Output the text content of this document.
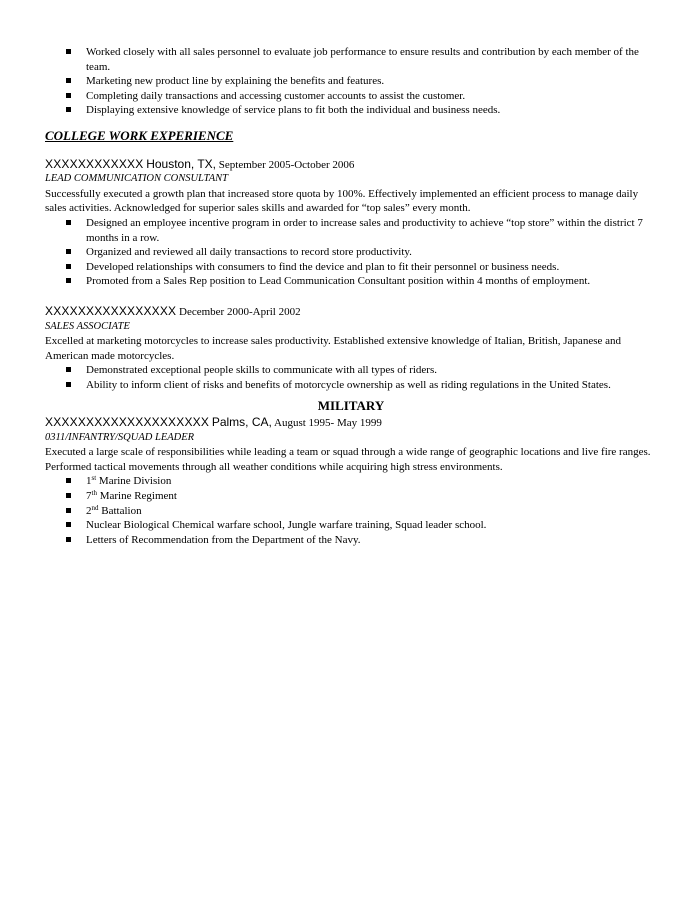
Worked closely with all sales personnel to evaluate job performance to ensure results and contribution by each member of the team.
Marketing new product line by explaining the benefits and features.
Completing daily transactions and accessing customer accounts to assist the customer.
Displaying extensive knowledge of service plans to fit both the individual and business needs.
COLLEGE WORK EXPERIENCE
XXXXXXXXXXXX Houston, TX, September 2005-October 2006
LEAD COMMUNICATION CONSULTANT
Successfully executed a growth plan that increased store quota by 100%. Effectively implemented an efficient process to manage daily sales activities. Acknowledged for superior sales skills and awarded for “top sales” every month.
Designed an employee incentive program in order to increase sales and productivity to achieve “top store” within the district 7 months in a row.
Organized and reviewed all daily transactions to record store productivity.
Developed relationships with consumers to find the device and plan to fit their personnel or business needs.
Promoted from a Sales Rep position to Lead Communication Consultant position within 4 months of employment.
XXXXXXXXXXXXXXXX December 2000-April 2002
SALES ASSOCIATE
Excelled at marketing motorcycles to increase sales productivity. Established extensive knowledge of Italian, British, Japanese and American made motorcycles.
Demonstrated exceptional people skills to communicate with all types of riders.
Ability to inform client of risks and benefits of motorcycle ownership as well as riding regulations in the United States.
MILITARY
XXXXXXXXXXXXXXXXXXXX Palms, CA, August 1995- May 1999
0311/INFANTRY/SQUAD LEADER
Executed a large scale of responsibilities while leading a team or squad through a wide range of geographic locations and live fire ranges. Performed tactical movements through all weather conditions while acquiring high stress environments.
1st Marine Division
7th Marine Regiment
2nd Battalion
Nuclear Biological Chemical warfare school, Jungle warfare training, Squad leader school.
Letters of Recommendation from the Department of the Navy.
